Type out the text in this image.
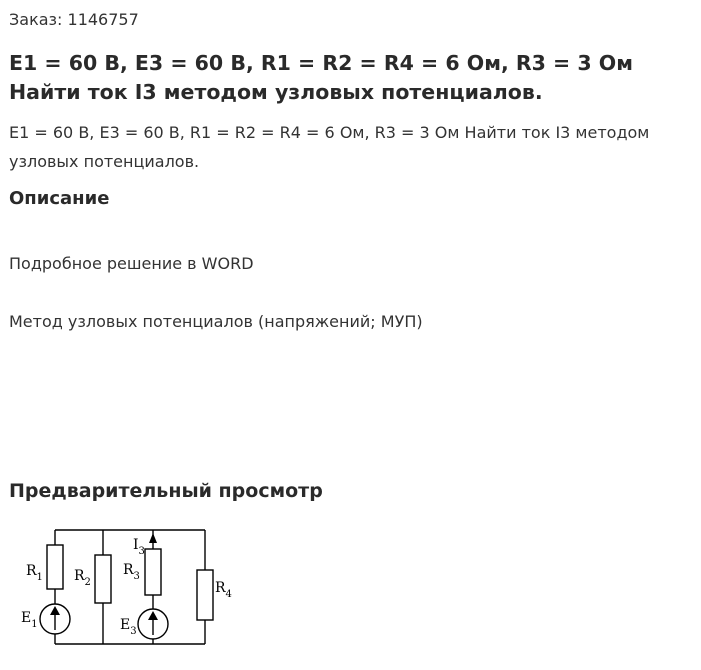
Заказ: 1146757
E1 = 60 В, E3 = 60 В, R1 = R2 = R4 = 6 Ом, R3 = 3 Ом Найти ток I3 методом узловых потенциалов.
E1 = 60 В, E3 = 60 В, R1 = R2 = R4 = 6 Ом, R3 = 3 Ом Найти ток I3 методом узловых потенциалов.
Описание
Подробное решение в WORD
Метод узловых потенциалов (напряжений; МУП)
Предварительный просмотр
$R_1$ $R_2$
$R_3$
$R_4$
$E_1$	$E_3$
$I_3$
